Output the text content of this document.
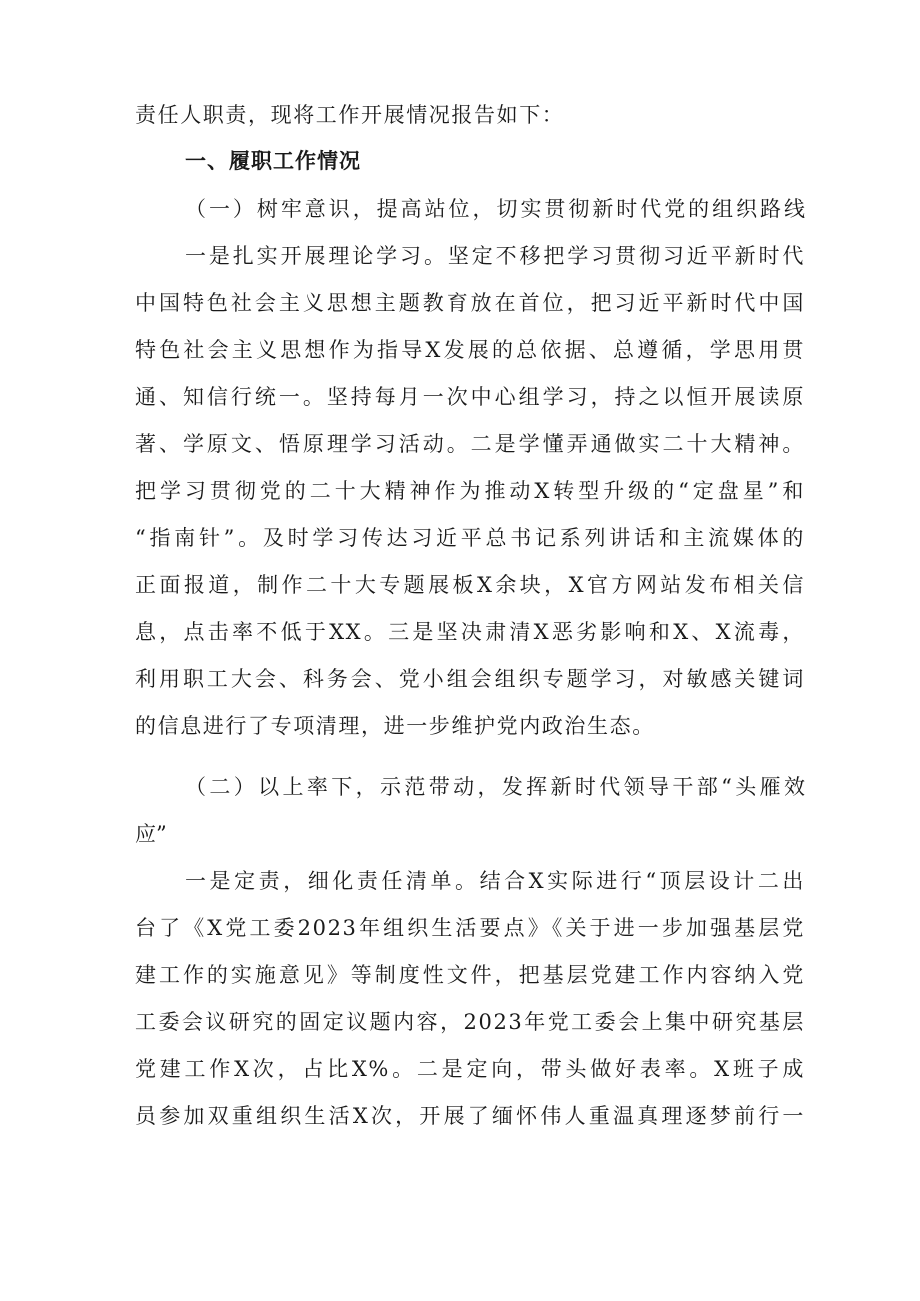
责任人职责，现将工作开展情况报告如下：
一、履职工作情况
（一）树牢意识，提高站位，切实贯彻新时代党的组织路线
一是扎实开展理论学习。坚定不移把学习贯彻习近平新时代
中国特色社会主义思想主题教育放在首位，把习近平新时代中国
特色社会主义思想作为指导X发展的总依据、总遵循，学思用贯
通、知信行统一。坚持每月一次中心组学习，持之以恒开展读原
著、学原文、悟原理学习活动。二是学懂弄通做实二十大精神。
把学习贯彻党的二十大精神作为推动X转型升级的“定盘星”和
“指南针”。及时学习传达习近平总书记系列讲话和主流媒体的
正面报道，制作二十大专题展板X余块，X官方网站发布相关信
息，点击率不低于XX。三是坚决肃清X恶劣影响和X、X流毒，
利用职工大会、科务会、党小组会组织专题学习，对敏感关键词
的信息进行了专项清理，进一步维护党内政治生态。
（二）以上率下，示范带动，发挥新时代领导干部“头雁效
应”
一是定责，细化责任清单。结合X实际进行“顶层设计二出
台了《X党工委2023年组织生活要点》《关于进一步加强基层党
建工作的实施意见》等制度性文件，把基层党建工作内容纳入党
工委会议研究的固定议题内容，2023年党工委会上集中研究基层
党建工作X次，占比X%。二是定向，带头做好表率。X班子成
员参加双重组织生活X次，开展了缅怀伟人重温真理逐梦前行一
